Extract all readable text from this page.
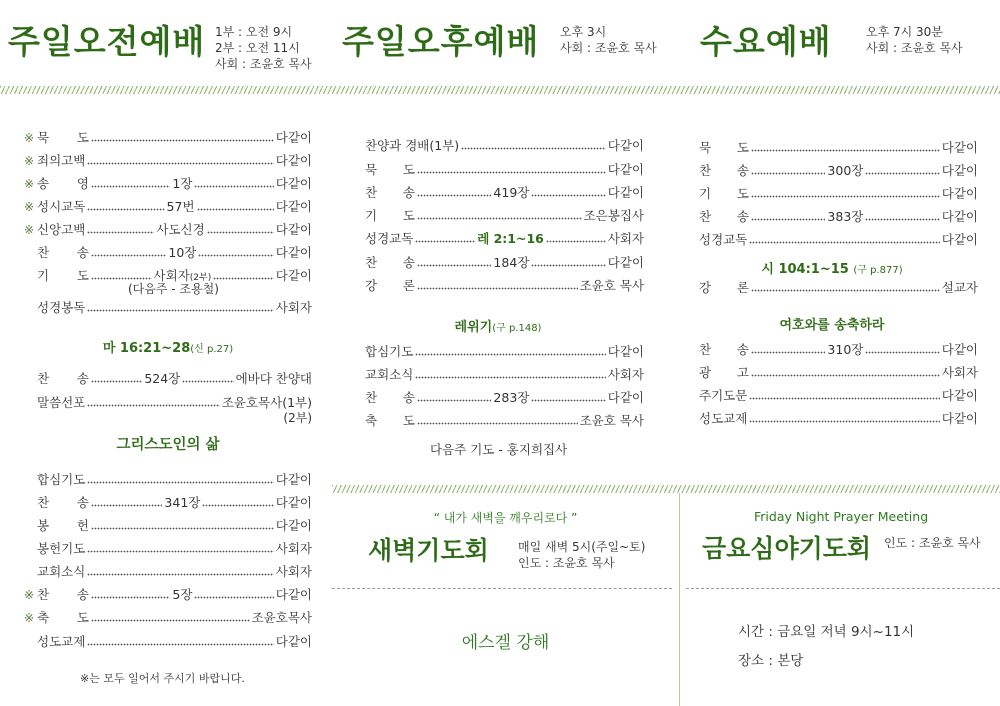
주일오전예배 1부 : 오전 9시
2부 : 오전 11시
사회 : 조윤호 목사
주일오후예배 오후 3시
사회 : 조윤호 목사 수요예배	오후 7시 30분
사회 : 조윤호 목사
※ 묵 도	다같이
※ 죄의고백	다같이
※ 송 영	1장	다같이
※ 성시교독	57번	다같이
※ 신앙고백	사도신경	다같이
찬 송	10장	다같이
기 도	사회자(2부)	다같이
(다음주 - 조용철)
성경봉독	사회자
마 16:21~28(신 p.27)
찬 송	524장	에바다 찬양대
말씀선포	조윤호목사(1부)
(2부)
그리스도인의 삶
합심기도	다같이
찬 송	341장	다같이
봉 헌	다같이
봉헌기도	사회자
교회소식	사회자
※ 찬 송	5장	다같이
※ 축 도	조윤호목사
성도교제	다같이
※는 모두 일어서 주시기 바랍니다.
찬양과 경배(1부)	다같이
묵 도	다같이
찬 송	419장	다같이
기 도	조은봉집사
성경교독	레 2:1~16	사회자
찬 송	184장	다같이
강 론	조윤호 목사
레위기(구 p.148)
합심기도	다같이
교회소식	사회자
찬 송	283장	다같이
축 도	조윤호 목사
다음주 기도 - 홍지희집사
묵 도	다같이
찬 송	300장	다같이
기 도	다같이
찬 송	383장	다같이
성경교독	다같이
시 104:1~15 (구 p.877)
강 론	설교자
여호와를 송축하라
찬 송	310장	다같이
광 고	사회자
주기도문	다같이
성도교제	다같이
“ 내가 새벽을 깨우리로다 ”
새벽기도회 매일 새벽 5시(주일~토)
인도 : 조윤호 목사
에스겔 강해
Friday Night Prayer Meeting
금요심야기도회 인도 : 조윤호 목사
시간 : 금요일 저녁 9시~11시
장소 : 본당
